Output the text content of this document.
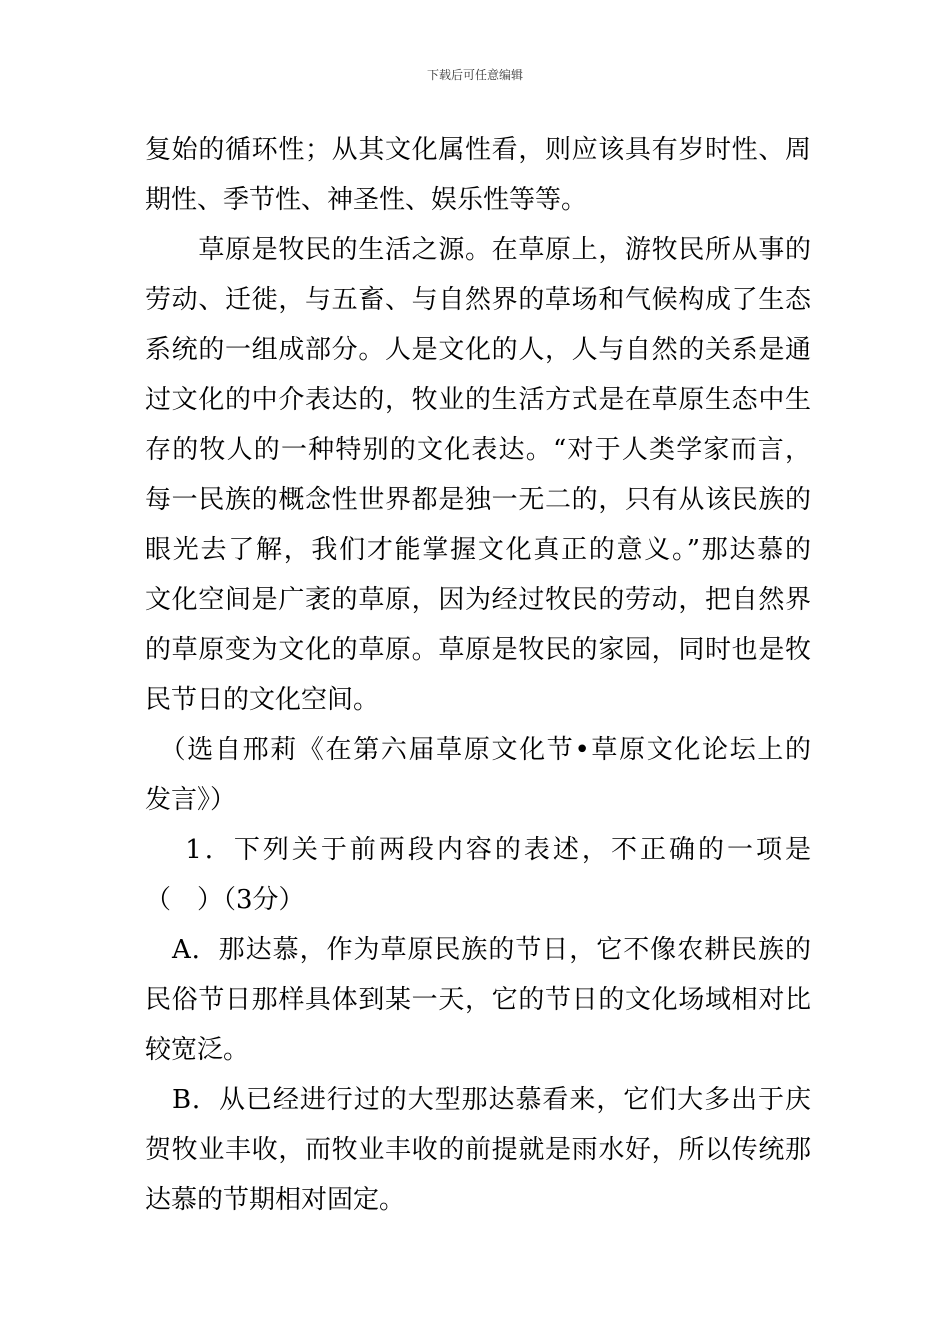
下载后可任意编辑
复始的循环性；从其文化属性看，则应该具有岁时性、周
期性、季节性、神圣性、娱乐性等等。
　　草原是牧民的生活之源。在草原上，游牧民所从事的
劳动、迁徙，与五畜、与自然界的草场和气候构成了生态
系统的一组成部分。人是文化的人，人与自然的关系是通
过文化的中介表达的，牧业的生活方式是在草原生态中生
存的牧人的一种特别的文化表达。“对于人类学家而言，
每一民族的概念性世界都是独一无二的，只有从该民族的
眼光去了解，我们才能掌握文化真正的意义。”那达慕的
文化空间是广袤的草原，因为经过牧民的劳动，把自然界
的草原变为文化的草原。草原是牧民的家园，同时也是牧
民节日的文化空间。
　（选自邢莉《在第六届草原文化节•草原文化论坛上的
发言》）
　 1．下列关于前两段内容的表述，不正确的一项是
（　）（3分）
　A．那达慕，作为草原民族的节日，它不像农耕民族的
民俗节日那样具体到某一天，它的节日的文化场域相对比
较宽泛。
　B．从已经进行过的大型那达慕看来，它们大多出于庆
贺牧业丰收，而牧业丰收的前提就是雨水好，所以传统那
达慕的节期相对固定。
